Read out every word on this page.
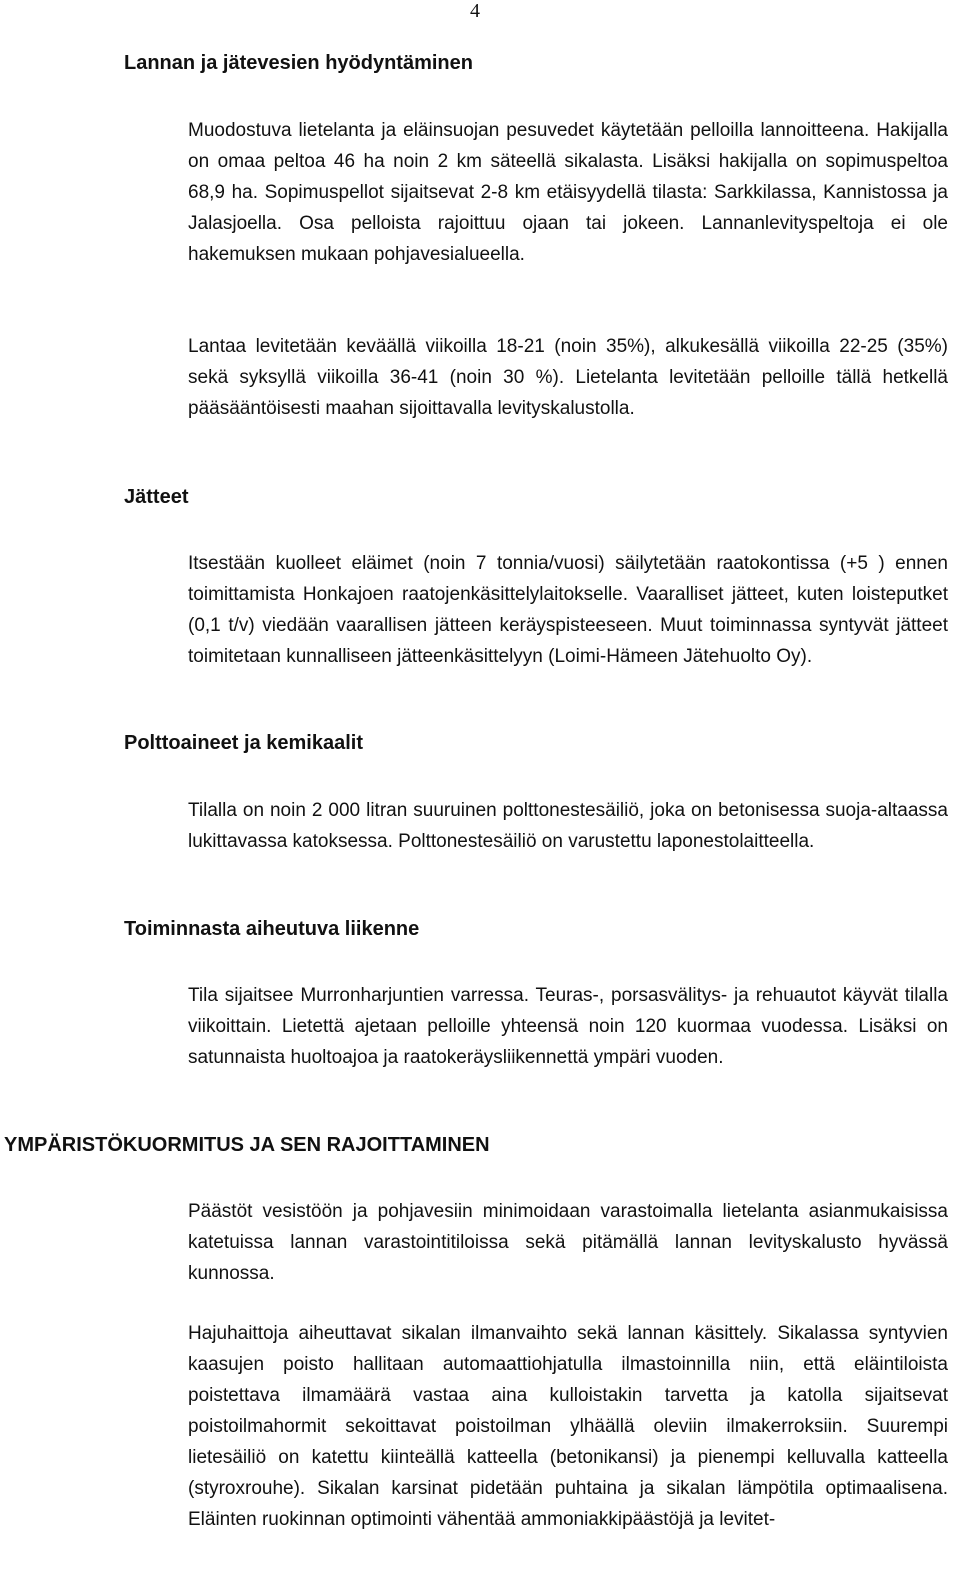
4
Lannan ja jätevesien hyödyntäminen
Muodostuva lietelanta ja eläinsuojan pesuvedet käytetään pelloilla lannoitteena. Hakijalla on omaa peltoa 46 ha noin 2 km säteellä sikalasta. Lisäksi hakijalla on sopimuspeltoa 68,9 ha. Sopimuspellot sijaitsevat 2-8 km etäisyydellä tilasta: Sarkkilassa, Kannistossa ja Jalasjoella. Osa pelloista rajoittuu ojaan tai jokeen. Lannanlevityspeltoja ei ole hakemuksen mukaan pohjavesialueella.
Lantaa levitetään keväällä viikoilla 18-21 (noin 35%), alkukesällä viikoilla 22-25 (35%) sekä syksyllä viikoilla 36-41 (noin 30 %). Lietelanta levitetään pelloille tällä hetkellä pääsääntöisesti maahan sijoittavalla levityskalustolla.
Jätteet
Itsestään kuolleet eläimet (noin 7 tonnia/vuosi) säilytetään raatokontissa (+5 ) ennen toimittamista Honkajoen raatojenkäsittelylaitokselle. Vaaralliset jätteet, kuten loisteputket (0,1 t/v) viedään vaarallisen jätteen keräyspisteeseen. Muut toiminnassa syntyvät jätteet toimitetaan kunnalliseen jätteenkäsittelyyn (Loimi-Hämeen Jätehuolto Oy).
Polttoaineet ja kemikaalit
Tilalla on noin 2 000 litran suuruinen polttonestesäiliö, joka on betonisessa suoja-altaassa lukittavassa katoksessa. Polttonestesäiliö on varustettu laponestolaitteella.
Toiminnasta aiheutuva liikenne
Tila sijaitsee Murronharjuntien varressa. Teuras-, porsasvälitys- ja rehuautot käyvät tilalla viikoittain. Lietettä ajetaan pelloille yhteensä noin 120 kuormaa vuodessa. Lisäksi on satunnaista huoltoajoa ja raatokeräysliikennettä ympäri vuoden.
YMPÄRISTÖKUORMITUS JA SEN RAJOITTAMINEN
Päästöt vesistöön ja pohjavesiin minimoidaan varastoimalla lietelanta asianmukaisissa katetuissa lannan varastointitiloissa sekä pitämällä lannan levityskalusto hyvässä kunnossa.
Hajuhaittoja aiheuttavat sikalan ilmanvaihto sekä lannan käsittely. Sikalassa syntyvien kaasujen poisto hallitaan automaattiohjatulla ilmastoinnilla niin, että eläintiloista poistettava ilmamäärä vastaa aina kulloistakin tarvetta ja katolla sijaitsevat poistoilmahormit sekoittavat poistoilman ylhäällä oleviin ilmakerroksiin. Suurempi lietesäiliö on katettu kiinteällä katteella (betonikansi) ja pienempi kelluvalla katteella (styroxrouhe). Sikalan karsinat pidetään puhtaina ja sikalan lämpötila optimaalisena. Eläinten ruokinnan optimointi vähentää ammoniakkipäästöjä ja levitet-
